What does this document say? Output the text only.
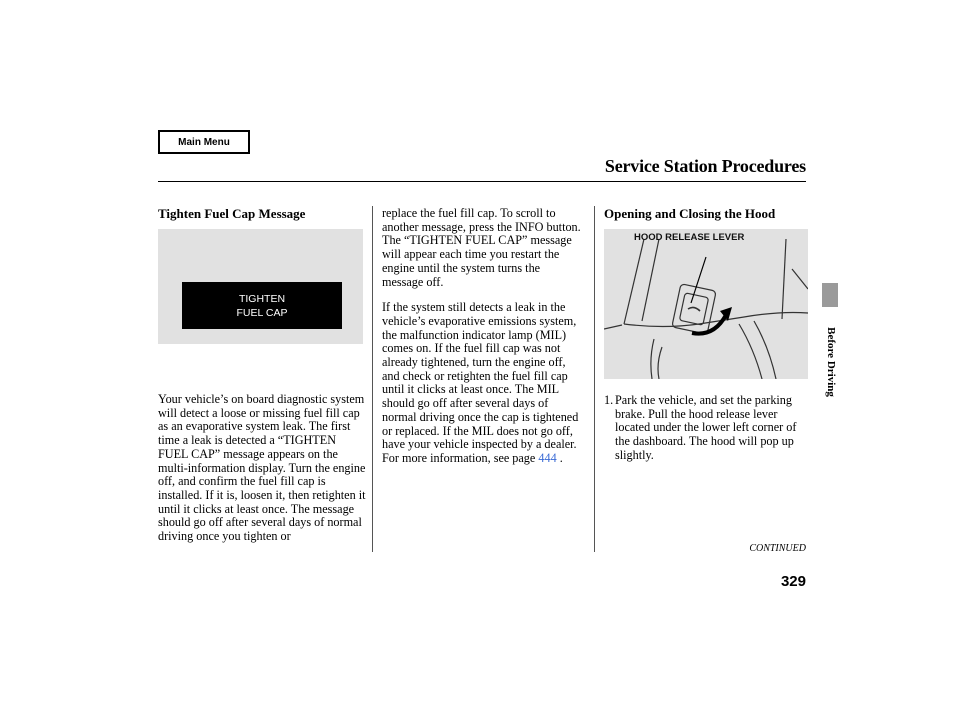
Main Menu
Service Station Procedures
Tighten Fuel Cap Message
TIGHTEN
FUEL CAP

Your vehicle’s on board diagnostic system will detect a loose or missing fuel fill cap as an evaporative system leak. The first time a leak is detected a “TIGHTEN FUEL CAP” message appears on the multi-information display. Turn the engine off, and confirm the fuel fill cap is installed. If it is, loosen it, then retighten it until it clicks at least once. The message should go off after several days of normal driving once you tighten or

replace the fuel fill cap. To scroll to another message, press the INFO button. The “TIGHTEN FUEL CAP” message will appear each time you restart the engine until the system turns the message off.

If the system still detects a leak in the vehicle’s evaporative emissions system, the malfunction indicator lamp (MIL) comes on. If the fuel fill cap was not already tightened, turn the engine off, and check or retighten the fuel fill cap until it clicks at least once. The MIL should go off after several days of normal driving once the cap is tightened or replaced. If the MIL does not go off, have your vehicle inspected by a dealer. For more information, see page 444 .

Opening and Closing the Hood
HOOD RELEASE LEVER
1. Park the vehicle, and set the parking brake. Pull the hood release lever located under the lower left corner of the dashboard. The hood will pop up slightly.
CONTINUED
329
Before Driving
